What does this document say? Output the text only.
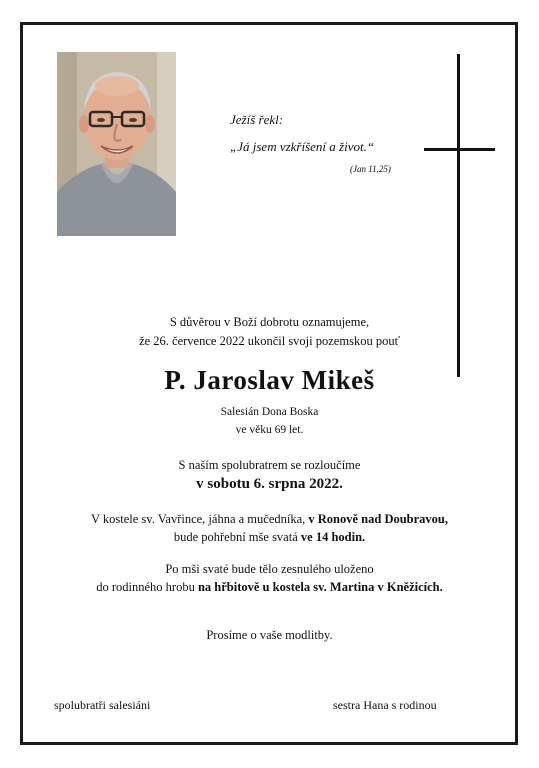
Ježíš řekl:
„Já jsem vzkříšení a život.“
(Jan 11,25)
S důvěrou v Boží dobrotu oznamujeme,
že 26. července 2022 ukončil svoji pozemskou pouť
P. Jaroslav Mikeš
Salesián Dona Boska
ve věku 69 let.
S naším spolubratrem se rozloučíme
v sobotu 6. srpna 2022.
V kostele sv. Vavřince, jáhna a mučedníka, v Ronově nad Doubravou,
bude pohřební mše svatá ve 14 hodin.
Po mši svaté bude tělo zesnulého uloženo
do rodinného hrobu na hřbitově u kostela sv. Martina v Kněžicích.
Prosíme o vaše modlitby.
spolubratři salesiáni	sestra Hana s rodinou
